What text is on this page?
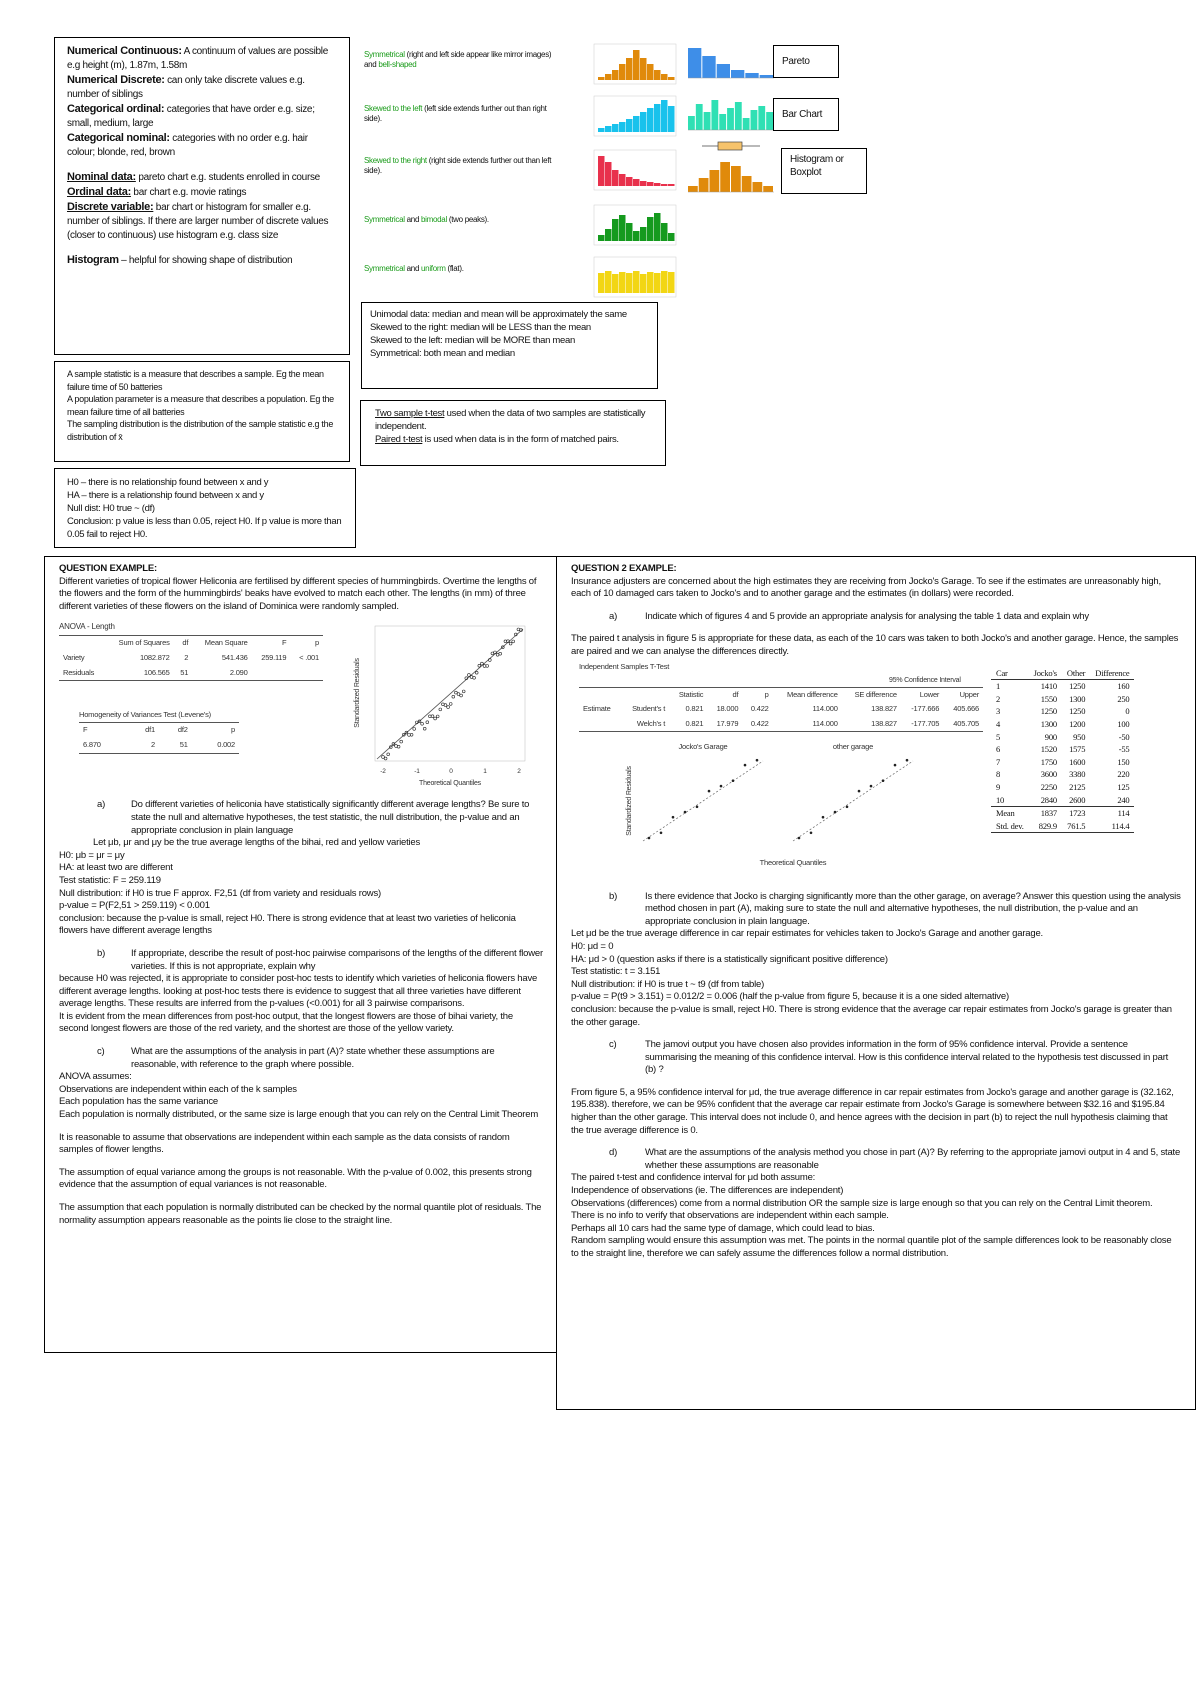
Numerical Continuous: A continuum of values are possible e.g height (m), 1.87m, 1.58m

Numerical Discrete: can only take discrete values e.g. number of siblings

Categorical ordinal: categories that have order e.g. size; small, medium, large

Categorical nominal: categories with no order e.g. hair colour; blonde, red, brown

Nominal data: pareto chart e.g. students enrolled in course

Ordinal data: bar chart e.g. movie ratings

Discrete variable: bar chart or histogram for smaller e.g. number of siblings. If there are larger number of discrete values (closer to continuous) use histogram e.g. class size

Histogram – helpful for showing shape of distribution

Symmetrical (right and left side appear like mirror images) and bell-shaped
Skewed to the left (left side extends further out than right side).
Skewed to the right (right side extends further out than left side).
Symmetrical and bimodal (two peaks).
Symmetrical and uniform (flat).
Pareto
Bar Chart
Histogram or Boxplot

Unimodal data: median and mean will be approximately the same

Skewed to the right: median will be LESS than the mean

Skewed to the left: median will be MORE than mean

Symmetrical: both mean and median

Two sample t-test used when the data of two samples are statistically independent.

Paired t-test is used when data is in the form of matched pairs.

A sample statistic is a measure that describes a sample. Eg the mean failure time of 50 batteries

A population parameter is a measure that describes a population. Eg the mean failure time of all batteries

The sampling distribution is the distribution of the sample statistic e.g the distribution of x̄

H0 – there is no relationship found between x and y

HA – there is a relationship found between x and y

Null dist: H0 true ~ (df)

Conclusion: p value is less than 0.05, reject H0. If p value is more than 0.05 fail to reject H0.

QUESTION EXAMPLE:

Different varieties of tropical flower Heliconia are fertilised by different species of hummingbirds. Overtime the lengths of the flowers and the form of the hummingbirds' beaks have evolved to match each other. The lengths (in mm) of three different varieties of these flowers on the island of Dominica were randomly sampled.

ANOVA - Length
	Sum of Squares	df	Mean Square	F	p
Variety	1082.872	2	541.436	259.119	< .001
Residuals	106.565	51	2.090		
Homogeneity of Variances Test (Levene's)
F	df1	df2	p
6.870	2	51	0.002
-2	-1	0	1	2
Theoretical Quantiles
Standardized Residuals

a)	Do different varieties of heliconia have statistically significantly different average lengths? Be sure to state the null and alternative hypotheses, the test statistic, the null distribution, the p-value and an appropriate conclusion in plain language

Let μb, μr and μy be the true average lengths of the bihai, red and yellow varieties

H0: μb = μr = μy

HA: at least two are different

Test statistic: F = 259.119

Null distribution: if H0 is true F approx. F2,51 (df from variety and residuals rows)

p-value = P(F2,51 > 259.119) < 0.001

conclusion: because the p-value is small, reject H0. There is strong evidence that at least two varieties of heliconia flowers have different average lengths

b)	If appropriate, describe the result of post-hoc pairwise comparisons of the lengths of the different flower varieties. If this is not appropriate, explain why

because H0 was rejected, it is appropriate to consider post-hoc tests to identify which varieties of heliconia flowers have different average lengths. looking at post-hoc tests there is evidence to suggest that all three varieties have different average lengths. These results are inferred from the p-values (<0.001) for all 3 pairwise comparisons.

It is evident from the mean differences from post-hoc output, that the longest flowers are those of bihai variety, the second longest flowers are those of the red variety, and the shortest are those of the yellow variety.

c)	What are the assumptions of the analysis in part (A)? state whether these assumptions are reasonable, with reference to the graph where possible.

ANOVA assumes:

Observations are independent within each of the k samples

Each population has the same variance

Each population is normally distributed, or the same size is large enough that you can rely on the Central Limit Theorem

It is reasonable to assume that observations are independent within each sample as the data consists of random samples of flower lengths.

The assumption of equal variance among the groups is not reasonable. With the p-value of 0.002, this presents strong evidence that the assumption of equal variances is not reasonable.

The assumption that each population is normally distributed can be checked by the normal quantile plot of residuals. The normality assumption appears reasonable as the points lie close to the straight line.

QUESTION 2 EXAMPLE:

Insurance adjusters are concerned about the high estimates they are receiving from Jocko's Garage. To see if the estimates are unreasonably high, each of 10 damaged cars taken to Jocko's and to another garage and the estimates (in dollars) were recorded.

a)	Indicate which of figures 4 and 5 provide an appropriate analysis for analysing the table 1 data and explain why

The paired t analysis in figure 5 is appropriate for these data, as each of the 10 cars was taken to both Jocko's and another garage. Hence, the samples are paired and we can analyse the differences directly.

Independent Samples T-Test
95% Confidence Interval
		Statistic	df	p	Mean difference	SE difference	Lower	Upper
Estimate	Student's t	0.821	18.000	0.422	114.000	138.827	-177.666	405.666
	Welch's t	0.821	17.979	0.422	114.000	138.827	-177.705	405.705
Jocko's Garage	other garage
Standardized Residuals
Theoretical Quantiles
Car	Jocko's	Other	Difference
1	1410	1250	160
2	1550	1300	250
3	1250	1250	0
4	1300	1200	100
5	900	950	-50
6	1520	1575	-55
7	1750	1600	150
8	3600	3380	220
9	2250	2125	125
10	2840	2600	240
Mean	1837	1723	114
Std. dev.	829.9	761.5	114.4

b)	Is there evidence that Jocko is charging significantly more than the other garage, on average? Answer this question using the analysis method chosen in part (A), making sure to state the null and alternative hypotheses, the null distribution, the p-value and an appropriate conclusion in plain language.

Let μd be the true average difference in car repair estimates for vehicles taken to Jocko's Garage and another garage.

H0: μd = 0

HA: μd > 0 (question asks if there is a statistically significant positive difference)

Test statistic: t = 3.151

Null distribution: if H0 is true t ~ t9 (df from table)

p-value = P(t9 > 3.151) = 0.012/2 = 0.006 (half the p-value from figure 5, because it is a one sided alternative)

conclusion: because the p-value is small, reject H0. There is strong evidence that the average car repair estimates from Jocko's garage is greater than the other garage.

c)	The jamovi output you have chosen also provides information in the form of 95% confidence interval. Provide a sentence summarising the meaning of this confidence interval. How is this confidence interval related to the hypothesis test discussed in part (b) ?

From figure 5, a 95% confidence interval for μd, the true average difference in car repair estimates from Jocko's garage and another garage is (32.162, 195.838). therefore, we can be 95% confident that the average car repair estimate from Jocko's Garage is somewhere between $32.16 and $195.84 higher than the other garage. This interval does not include 0, and hence agrees with the decision in part (b) to reject the null hypothesis claiming that the true average difference is 0.

d)	What are the assumptions of the analysis method you chose in part (A)? By referring to the appropriate jamovi output in 4 and 5, state whether these assumptions are reasonable

The paired t-test and confidence interval for μd both assume:

Independence of observations (ie. The differences are independent)

Observations (differences) come from a normal distribution OR the sample size is large enough so that you can rely on the Central Limit theorem.

There is no info to verify that observations are independent within each sample.

Perhaps all 10 cars had the same type of damage, which could lead to bias.

Random sampling would ensure this assumption was met. The points in the normal quantile plot of the sample differences look to be reasonably close to the straight line, therefore we can safely assume the differences follow a normal distribution.
